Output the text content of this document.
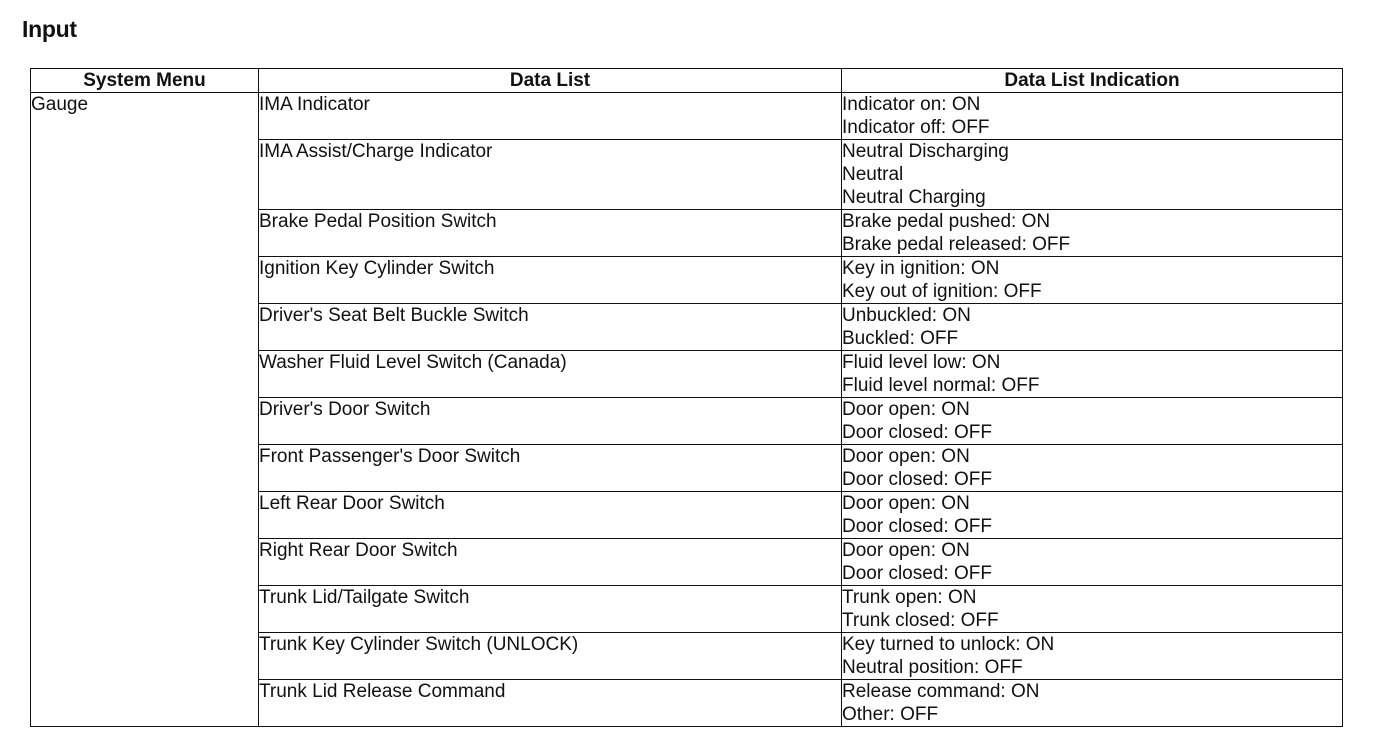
Input
System Menu	Data List	Data List Indication
Gauge	IMA Indicator	Indicator on: ON
Indicator off: OFF

	IMA Assist/Charge Indicator	Neutral Discharging
Neutral
Neutral Charging

	Brake Pedal Position Switch	Brake pedal pushed: ON
Brake pedal released: OFF

	Ignition Key Cylinder Switch	Key in ignition: ON
Key out of ignition: OFF

	Driver's Seat Belt Buckle Switch	Unbuckled: ON
Buckled: OFF

	Washer Fluid Level Switch (Canada)	Fluid level low: ON
Fluid level normal: OFF

	Driver's Door Switch	Door open: ON
Door closed: OFF

	Front Passenger's Door Switch	Door open: ON
Door closed: OFF

	Left Rear Door Switch	Door open: ON
Door closed: OFF

	Right Rear Door Switch	Door open: ON
Door closed: OFF

	Trunk Lid/Tailgate Switch	Trunk open: ON
Trunk closed: OFF

	Trunk Key Cylinder Switch (UNLOCK)	Key turned to unlock: ON
Neutral position: OFF

	Trunk Lid Release Command	Release command: ON
Other: OFF
